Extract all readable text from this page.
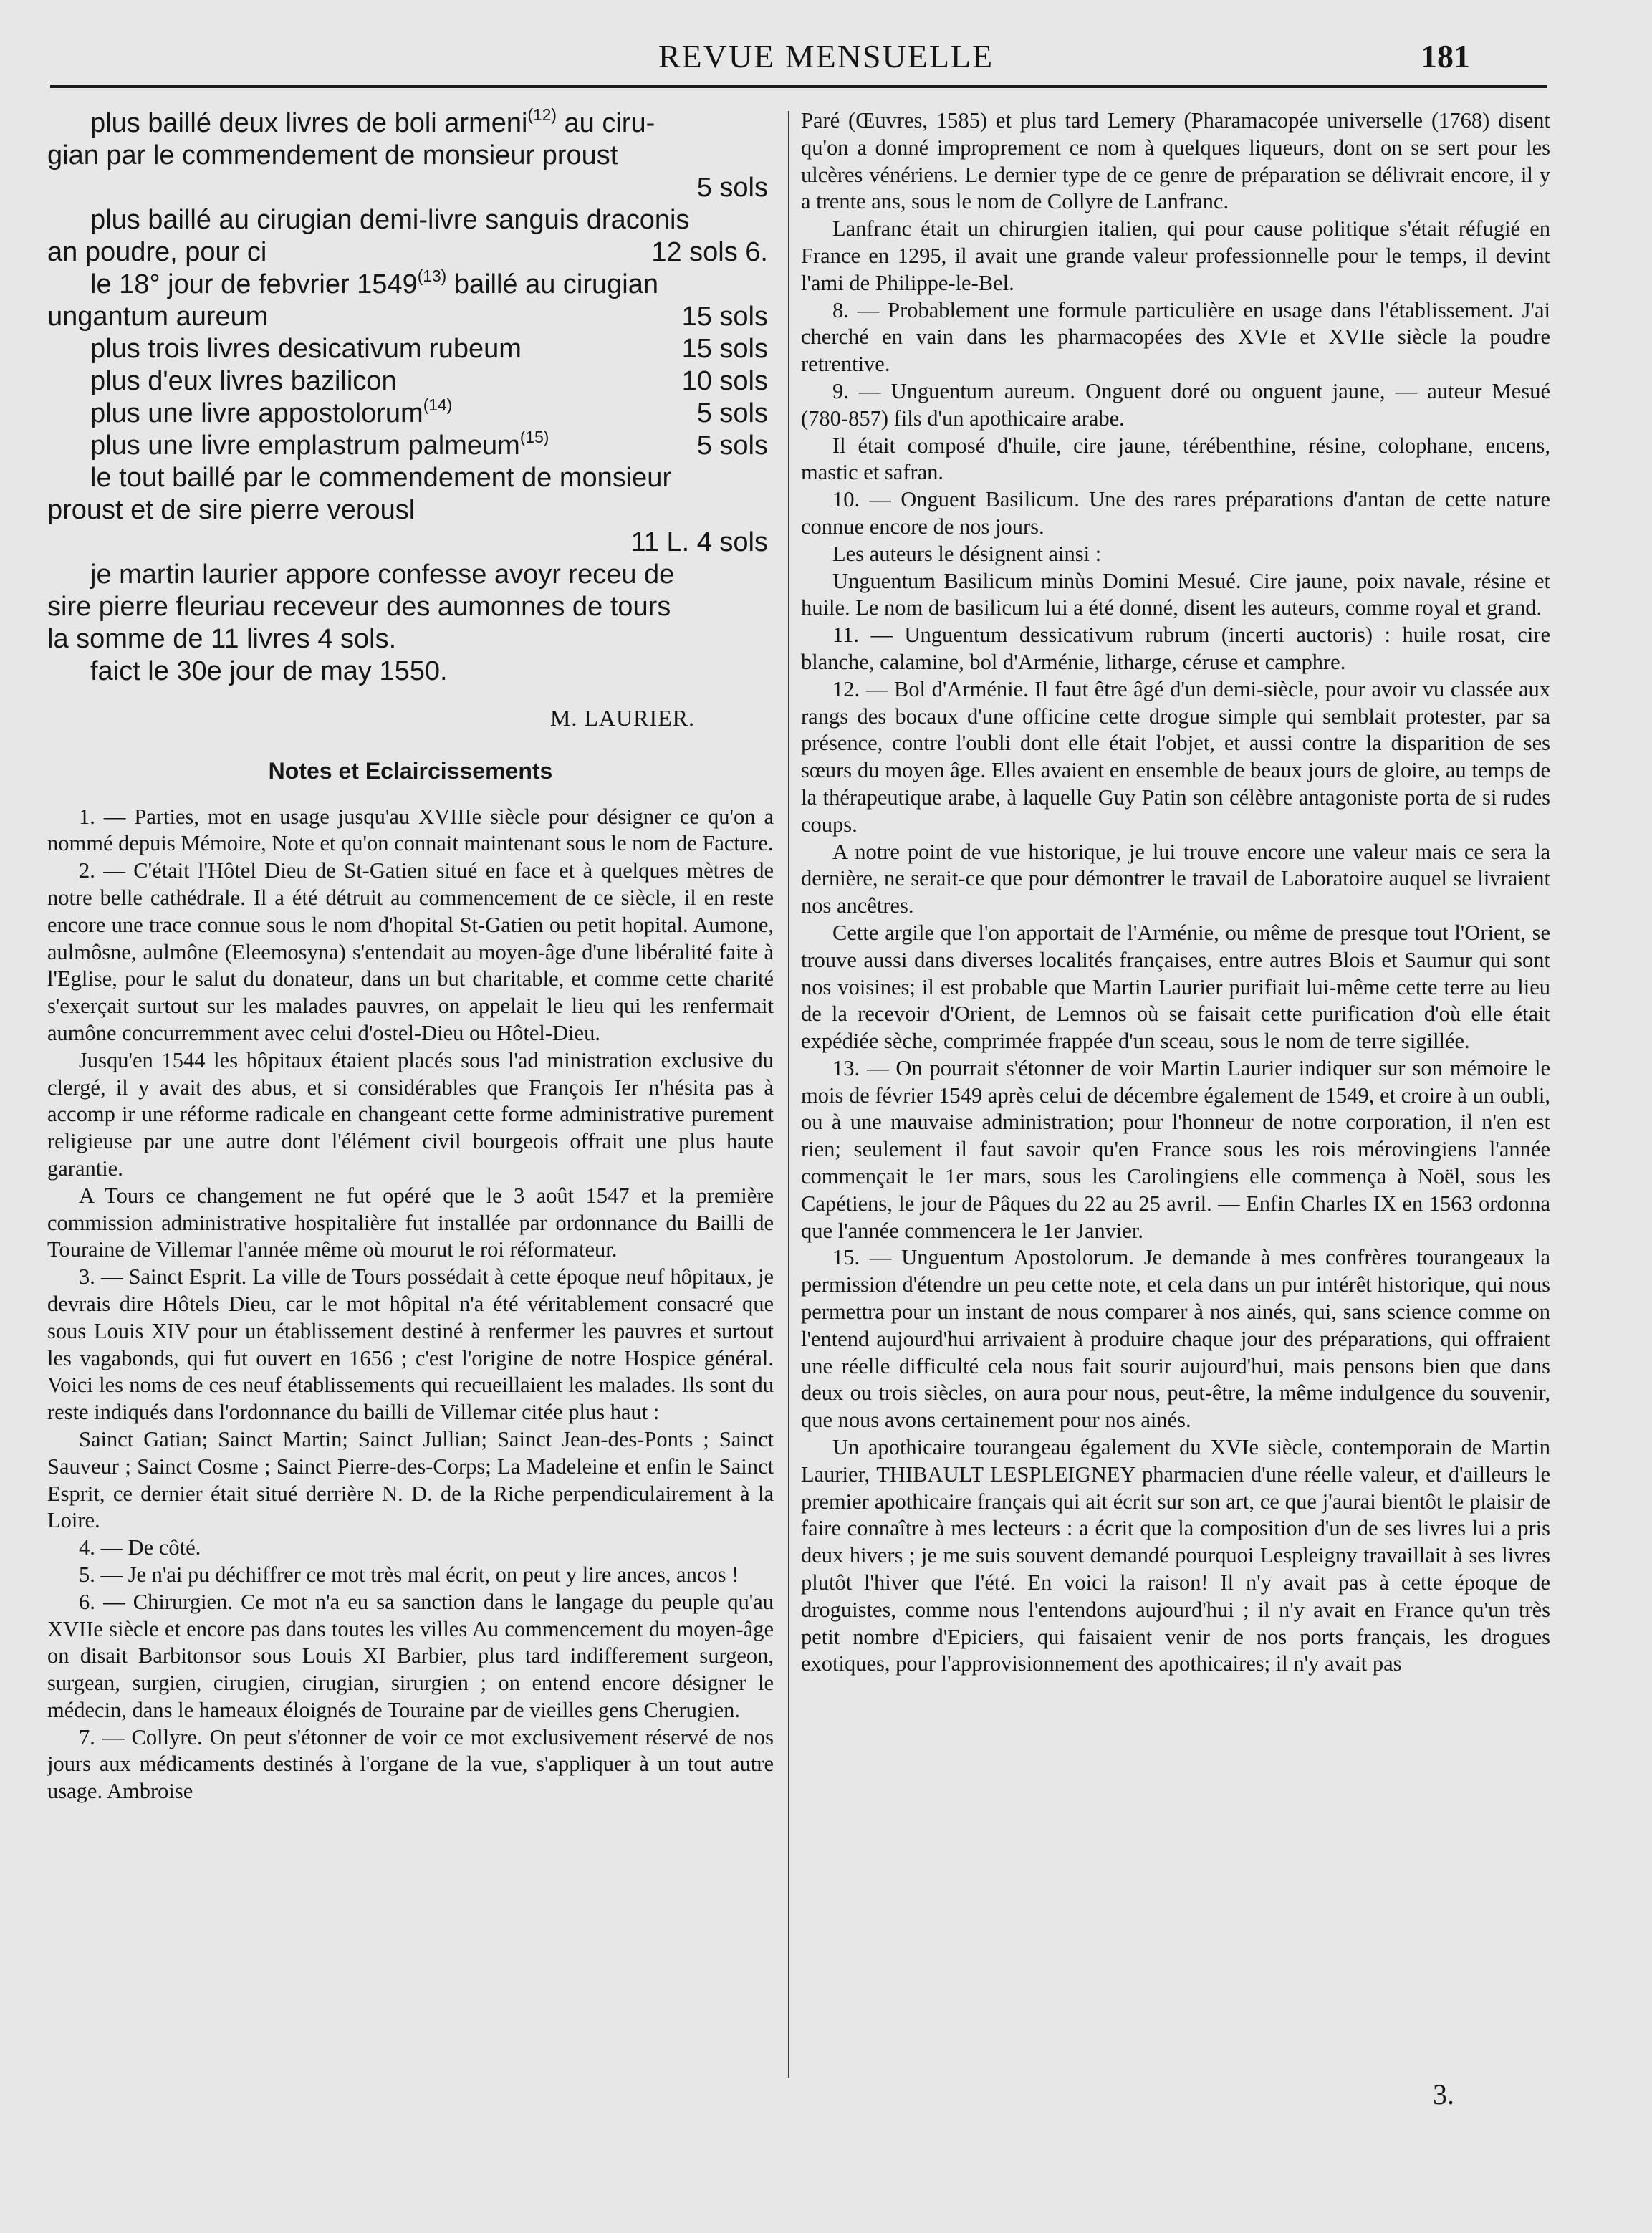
REVUE MENSUELLE	181
plus baillé deux livres de boli armeni$^{(12)}$ au ciru-
gian par le commendement de monsieur proust
5 sols
plus baillé au cirugian demi-livre sanguis draconis
an poudre, pour ci	12 sols 6.
le 18° jour de febvrier 1549$^{(13)}$ baillé au cirugian
ungantum aureum	15 sols
plus trois livres desicativum rubeum	15 sols
plus d'eux livres bazilicon	10 sols
plus une livre appostolorum$^{(14)}$	5 sols
plus une livre emplastrum palmeum$^{(15)}$	5 sols
le tout baillé par le commendement de monsieur
proust et de sire pierre verousl
11 L. 4 sols
je martin laurier appore confesse avoyr receu de
sire pierre fleuriau receveur des aumonnes de tours
la somme de 11 livres 4 sols.
faict le 30e jour de may 1550.
M. LAURIER.
Notes et Eclaircissements

1. — Parties, mot en usage jusqu'au XVIIIe siècle pour désigner ce qu'on a nommé depuis Mémoire, Note et qu'on connait maintenant sous le nom de Facture.

2. — C'était l'Hôtel Dieu de St-Gatien situé en face et à quelques mètres de notre belle cathédrale. Il a été détruit au commencement de ce siècle, il en reste encore une trace connue sous le nom d'hopital St-Gatien ou petit hopital. Aumone, aulmôsne, aulmône (Eleemosyna) s'entendait au moyen-âge d'une libéralité faite à l'Eglise, pour le salut du donateur, dans un but charitable, et comme cette charité s'exerçait surtout sur les malades pauvres, on appelait le lieu qui les renfermait aumône concurremment avec celui d'ostel-Dieu ou Hôtel-Dieu.

Jusqu'en 1544 les hôpitaux étaient placés sous l'ad ministration exclusive du clergé, il y avait des abus, et si considérables que François Ier n'hésita pas à accomp ir une réforme radicale en changeant cette forme administrative purement religieuse par une autre dont l'élément civil bourgeois offrait une plus haute garantie.

A Tours ce changement ne fut opéré que le 3 août 1547 et la première commission administrative hospitalière fut installée par ordonnance du Bailli de Touraine de Villemar l'année même où mourut le roi réformateur.

3. — Sainct Esprit. La ville de Tours possédait à cette époque neuf hôpitaux, je devrais dire Hôtels Dieu, car le mot hôpital n'a été véritablement consacré que sous Louis XIV pour un établissement destiné à renfermer les pauvres et surtout les vagabonds, qui fut ouvert en 1656 ; c'est l'origine de notre Hospice général. Voici les noms de ces neuf établissements qui recueillaient les malades. Ils sont du reste indiqués dans l'ordonnance du bailli de Villemar citée plus haut :

Sainct Gatian; Sainct Martin; Sainct Jullian; Sainct Jean-des-Ponts ; Sainct Sauveur ; Sainct Cosme ; Sainct Pierre-des-Corps; La Madeleine et enfin le Sainct Esprit, ce dernier était situé derrière N. D. de la Riche perpendiculairement à la Loire.

4. — De côté.

5. — Je n'ai pu déchiffrer ce mot très mal écrit, on peut y lire ances, ancos !

6. — Chirurgien. Ce mot n'a eu sa sanction dans le langage du peuple qu'au XVIIe siècle et encore pas dans toutes les villes Au commencement du moyen-âge on disait Barbitonsor sous Louis XI Barbier, plus tard indifferement surgeon, surgean, surgien, cirugien, cirugian, sirurgien ; on entend encore désigner le médecin, dans le hameaux éloignés de Touraine par de vieilles gens Cherugien.

7. — Collyre. On peut s'étonner de voir ce mot exclusivement réservé de nos jours aux médicaments destinés à l'organe de la vue, s'appliquer à un tout autre usage. Ambroise

Paré (Œuvres, 1585) et plus tard Lemery (Pharamacopée universelle (1768) disent qu'on a donné improprement ce nom à quelques liqueurs, dont on se sert pour les ulcères vénériens. Le dernier type de ce genre de préparation se délivrait encore, il y a trente ans, sous le nom de Collyre de Lanfranc.

Lanfranc était un chirurgien italien, qui pour cause politique s'était réfugié en France en 1295, il avait une grande valeur professionnelle pour le temps, il devint l'ami de Philippe-le-Bel.

8. — Probablement une formule particulière en usage dans l'établissement. J'ai cherché en vain dans les pharmacopées des XVIe et XVIIe siècle la poudre retrentive.

9. — Unguentum aureum. Onguent doré ou onguent jaune, — auteur Mesué (780-857) fils d'un apothicaire arabe.

Il était composé d'huile, cire jaune, térébenthine, résine, colophane, encens, mastic et safran.

10. — Onguent Basilicum. Une des rares préparations d'antan de cette nature connue encore de nos jours.

Les auteurs le désignent ainsi :

Unguentum Basilicum minùs Domini Mesué. Cire jaune, poix navale, résine et huile. Le nom de basilicum lui a été donné, disent les auteurs, comme royal et grand.

11. — Unguentum dessicativum rubrum (incerti auctoris) : huile rosat, cire blanche, calamine, bol d'Arménie, litharge, céruse et camphre.

12. — Bol d'Arménie. Il faut être âgé d'un demi-siècle, pour avoir vu classée aux rangs des bocaux d'une officine cette drogue simple qui semblait protester, par sa présence, contre l'oubli dont elle était l'objet, et aussi contre la disparition de ses sœurs du moyen âge. Elles avaient en ensemble de beaux jours de gloire, au temps de la thérapeutique arabe, à laquelle Guy Patin son célèbre antagoniste porta de si rudes coups.

A notre point de vue historique, je lui trouve encore une valeur mais ce sera la dernière, ne serait-ce que pour démontrer le travail de Laboratoire auquel se livraient nos ancêtres.

Cette argile que l'on apportait de l'Arménie, ou même de presque tout l'Orient, se trouve aussi dans diverses localités françaises, entre autres Blois et Saumur qui sont nos voisines; il est probable que Martin Laurier purifiait lui-même cette terre au lieu de la recevoir d'Orient, de Lemnos où se faisait cette purification d'où elle était expédiée sèche, comprimée frappée d'un sceau, sous le nom de terre sigillée.

13. — On pourrait s'étonner de voir Martin Laurier indiquer sur son mémoire le mois de février 1549 après celui de décembre également de 1549, et croire à un oubli, ou à une mauvaise administration; pour l'honneur de notre corporation, il n'en est rien; seulement il faut savoir qu'en France sous les rois mérovingiens l'année commençait le 1er mars, sous les Carolingiens elle commença à Noël, sous les Capétiens, le jour de Pâques du 22 au 25 avril. — Enfin Charles IX en 1563 ordonna que l'année commencera le 1er Janvier.

15. — Unguentum Apostolorum. Je demande à mes confrères tourangeaux la permission d'étendre un peu cette note, et cela dans un pur intérêt historique, qui nous permettra pour un instant de nous comparer à nos ainés, qui, sans science comme on l'entend aujourd'hui arrivaient à produire chaque jour des préparations, qui offraient une réelle difficulté cela nous fait sourir aujourd'hui, mais pensons bien que dans deux ou trois siècles, on aura pour nous, peut-être, la même indulgence du souvenir, que nous avons certainement pour nos ainés.

Un apothicaire tourangeau également du XVIe siècle, contemporain de Martin Laurier, THIBAULT LESPLEIGNEY pharmacien d'une réelle valeur, et d'ailleurs le premier apothicaire français qui ait écrit sur son art, ce que j'aurai bientôt le plaisir de faire connaître à mes lecteurs : a écrit que la composition d'un de ses livres lui a pris deux hivers ; je me suis souvent demandé pourquoi Lespleigny travaillait à ses livres plutôt l'hiver que l'été. En voici la raison! Il n'y avait pas à cette époque de droguistes, comme nous l'entendons aujourd'hui ; il n'y avait en France qu'un très petit nombre d'Epiciers, qui faisaient venir de nos ports français, les drogues exotiques, pour l'approvisionnement des apothicaires; il n'y avait pas

3.
